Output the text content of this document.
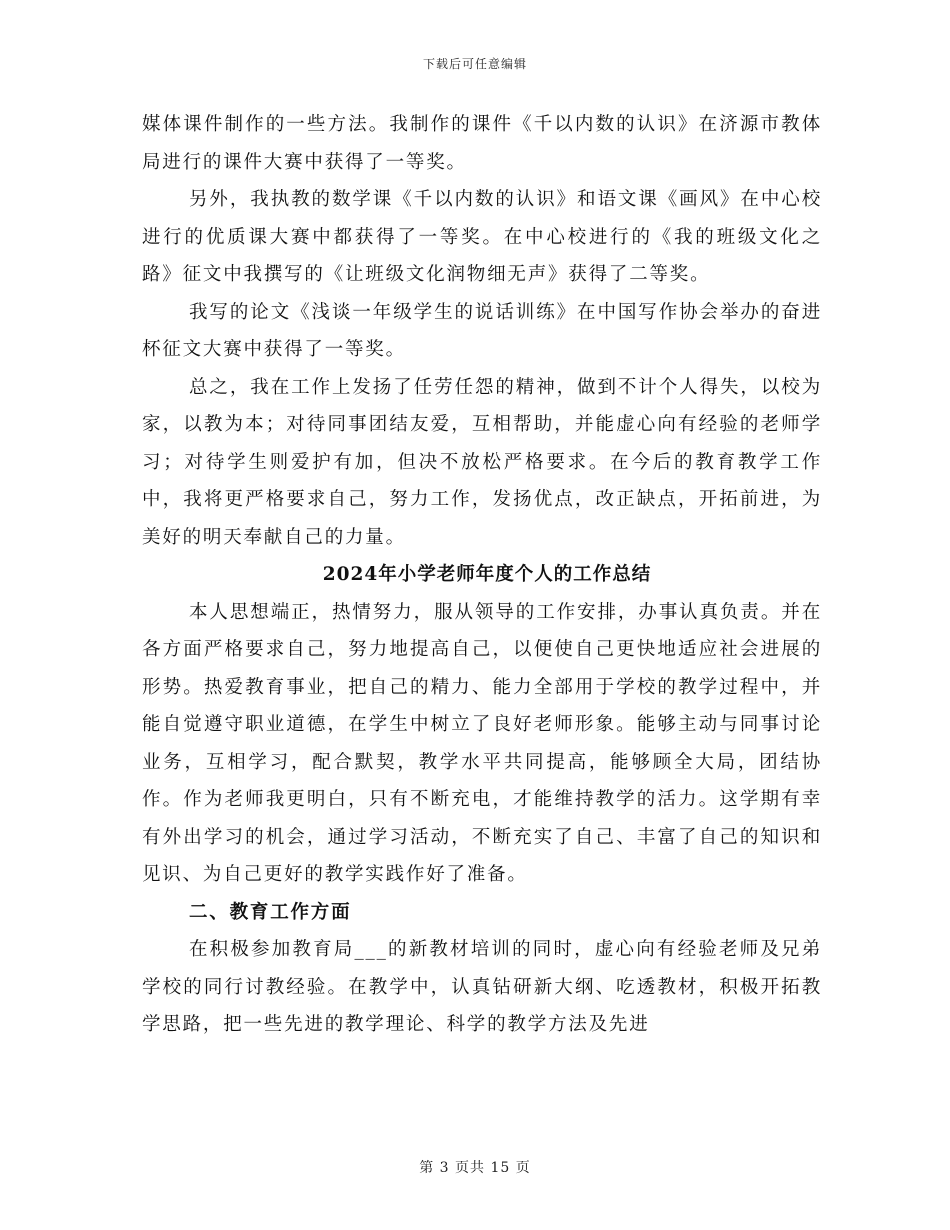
下载后可任意编辑

媒体课件制作的一些方法。我制作的课件《千以内数的认识》在济源市教体局进行的课件大赛中获得了一等奖。

另外，我执教的数学课《千以内数的认识》和语文课《画风》在中心校进行的优质课大赛中都获得了一等奖。在中心校进行的《我的班级文化之路》征文中我撰写的《让班级文化润物细无声》获得了二等奖。

我写的论文《浅谈一年级学生的说话训练》在中国写作协会举办的奋进杯征文大赛中获得了一等奖。

总之，我在工作上发扬了任劳任怨的精神，做到不计个人得失，以校为家，以教为本；对待同事团结友爱，互相帮助，并能虚心向有经验的老师学习；对待学生则爱护有加，但决不放松严格要求。在今后的教育教学工作中，我将更严格要求自己，努力工作，发扬优点，改正缺点，开拓前进，为美好的明天奉献自己的力量。

2024年小学老师年度个人的工作总结

本人思想端正，热情努力，服从领导的工作安排，办事认真负责。并在各方面严格要求自己，努力地提高自己，以便使自己更快地适应社会进展的形势。热爱教育事业，把自己的精力、能力全部用于学校的教学过程中，并能自觉遵守职业道德，在学生中树立了良好老师形象。能够主动与同事讨论业务，互相学习，配合默契，教学水平共同提高，能够顾全大局，团结协作。作为老师我更明白，只有不断充电，才能维持教学的活力。这学期有幸有外出学习的机会，通过学习活动，不断充实了自己、丰富了自己的知识和见识、为自己更好的教学实践作好了准备。

二、教育工作方面

在积极参加教育局___的新教材培训的同时，虚心向有经验老师及兄弟学校的同行讨教经验。在教学中，认真钻研新大纲、吃透教材，积极开拓教学思路，把一些先进的教学理论、科学的教学方法及先进

第 3 页共 15 页
